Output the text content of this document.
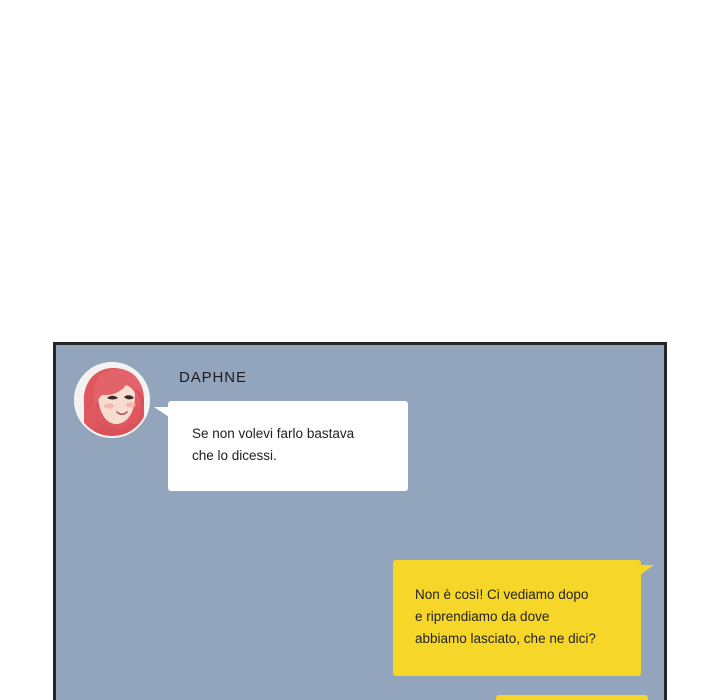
DAPHNE
Se non volevi farlo bastava
che lo dicessi.
Non è così! Ci vediamo dopo
e riprendiamo da dove
abbiamo lasciato, che ne dici?
